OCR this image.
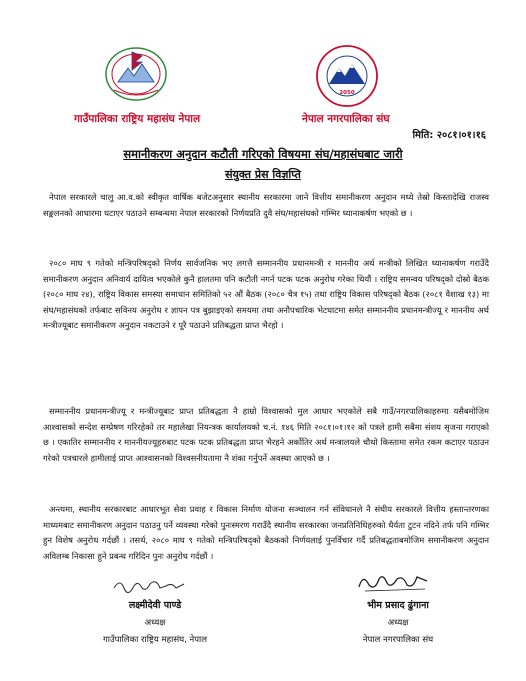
2050
गाउँपालिका राष्ट्रिय महासंघ नेपाल	नेपाल नगरपालिका संघ
मिति: २०८१।०१।१६
समानीकरण अनुदान कटौती गरिएको विषयमा संघ/महासंघबाट जारी
संयुक्त प्रेस विज्ञप्ति
नेपाल सरकारले चालु आ.व.को स्वीकृत वार्षिक बजेटअनुसार स्थानीय सरकारमा जाने वित्तीय समानीकरण अनुदान मध्ये तेस्रो किस्तादेखि राजस्व सङ्कलनको आधारमा घटाएर पठाउने सम्बन्धमा नेपाल सरकारको निर्णयप्रति दुवै संघ/महासंघको गम्भिर ध्यानाकर्षण भएको छ ।
२०८० माघ ९ गतेको मन्त्रिपरिषद्को निर्णय सार्वजनिक भए लगत्तै सम्माननीय प्रधानमन्त्री र माननीय अर्थ मन्त्रीको लिखित ध्यानाकर्षण गराउँदै समानीकरण अनुदान अनिवार्य दायित्व भएकोले कुनै हालतमा पनि कटौती नगर्न पटक पटक अनुरोध गरेका थियौं । राष्ट्रिय समन्वय परिषद्को दोस्रो बैठक (२०८० माघ २४), राष्ट्रिय विकास समस्या समाधान समितिको ५२ औं बैठक (२०८० चैत्र १५) तथा राष्ट्रिय विकास परिषद्को बैठक (२०८१ वैशाख १३) मा संघ/महासंघको तर्फबाट सविनय अनुरोध र ज्ञापन पत्र बुझाइएको समयमा तथा अनौपचारिक भेटघाटमा समेत सम्माननीय प्रधानमन्त्रीज्यू र माननीय अर्थ मन्त्रीज्यूबाट समानीकरण अनुदान नकटाउने र पूरै पठाउने प्रतिबद्धता प्राप्त भैरहो ।
सम्माननीय प्रधानमन्त्रीज्यू र मन्त्रीज्यूबाट प्राप्त प्रतिबद्धता नै हाम्रो विश्वासको मुल आधार भएकोले सबै गाउँ/नगरपालिकाहरुमा यसैबमोजिम आश्वासको सन्देश सम्प्रेषण गरिरहेको तर महालेखा नियन्त्रक कार्यालयको च.नं. १४६ मिति २०८१।०१।१२ को पत्रले हामी सबैमा संशय सृजना गराएको छ । एकातिर सम्माननीय र माननीयज्यूहरुबाट पटक पटक प्रतिबद्धता प्राप्त भैरहने अर्कोतिर अर्थ मन्त्रालयले चौथो किस्तामा समेत रकम कटाएर पठाउन गरेको पत्रचारले हामीलाई प्राप्त आश्वासनको विश्वसनीयतामा नै शंका गर्नुपर्ने अवस्था आएको छ ।
अन्त्यमा, स्थानीय सरकारबाट आधारभूत सेवा प्रवाह र विकास निर्माण योजना सञ्चालन गर्न संविधानले नै संघीय सरकारले वित्तीय हस्तान्तरणका माध्यमबाट समानीकरण अनुदान पठाउनु पर्ने व्यवस्था गरेको पुनःस्मरण गराउँदै स्थानीय सरकारका जनप्रतिनिधिहरुको धैर्यता टुटन नदिने तर्फ पनि गम्भिर हुन विशेष अनुरोध गर्दछौं । तसर्थ, २०८० माघ ९ गतेको मन्त्रिपरिषद्को बैठकको निर्णयलाई पुनर्विचार गर्दै प्रतिबद्धताबमोजिम समानीकरण अनुदान अविलम्ब निकासा हुने प्रबन्ध गरिदिन पुनः अनुरोध गर्दछौं ।
लक्ष्मीदेवी पाण्डे
अध्यक्ष
गाउँपालिका राष्ट्रिय महासंघ, नेपाल
भीम प्रसाद ढुंगाना
अध्यक्ष
नेपाल नगरपालिका संघ
